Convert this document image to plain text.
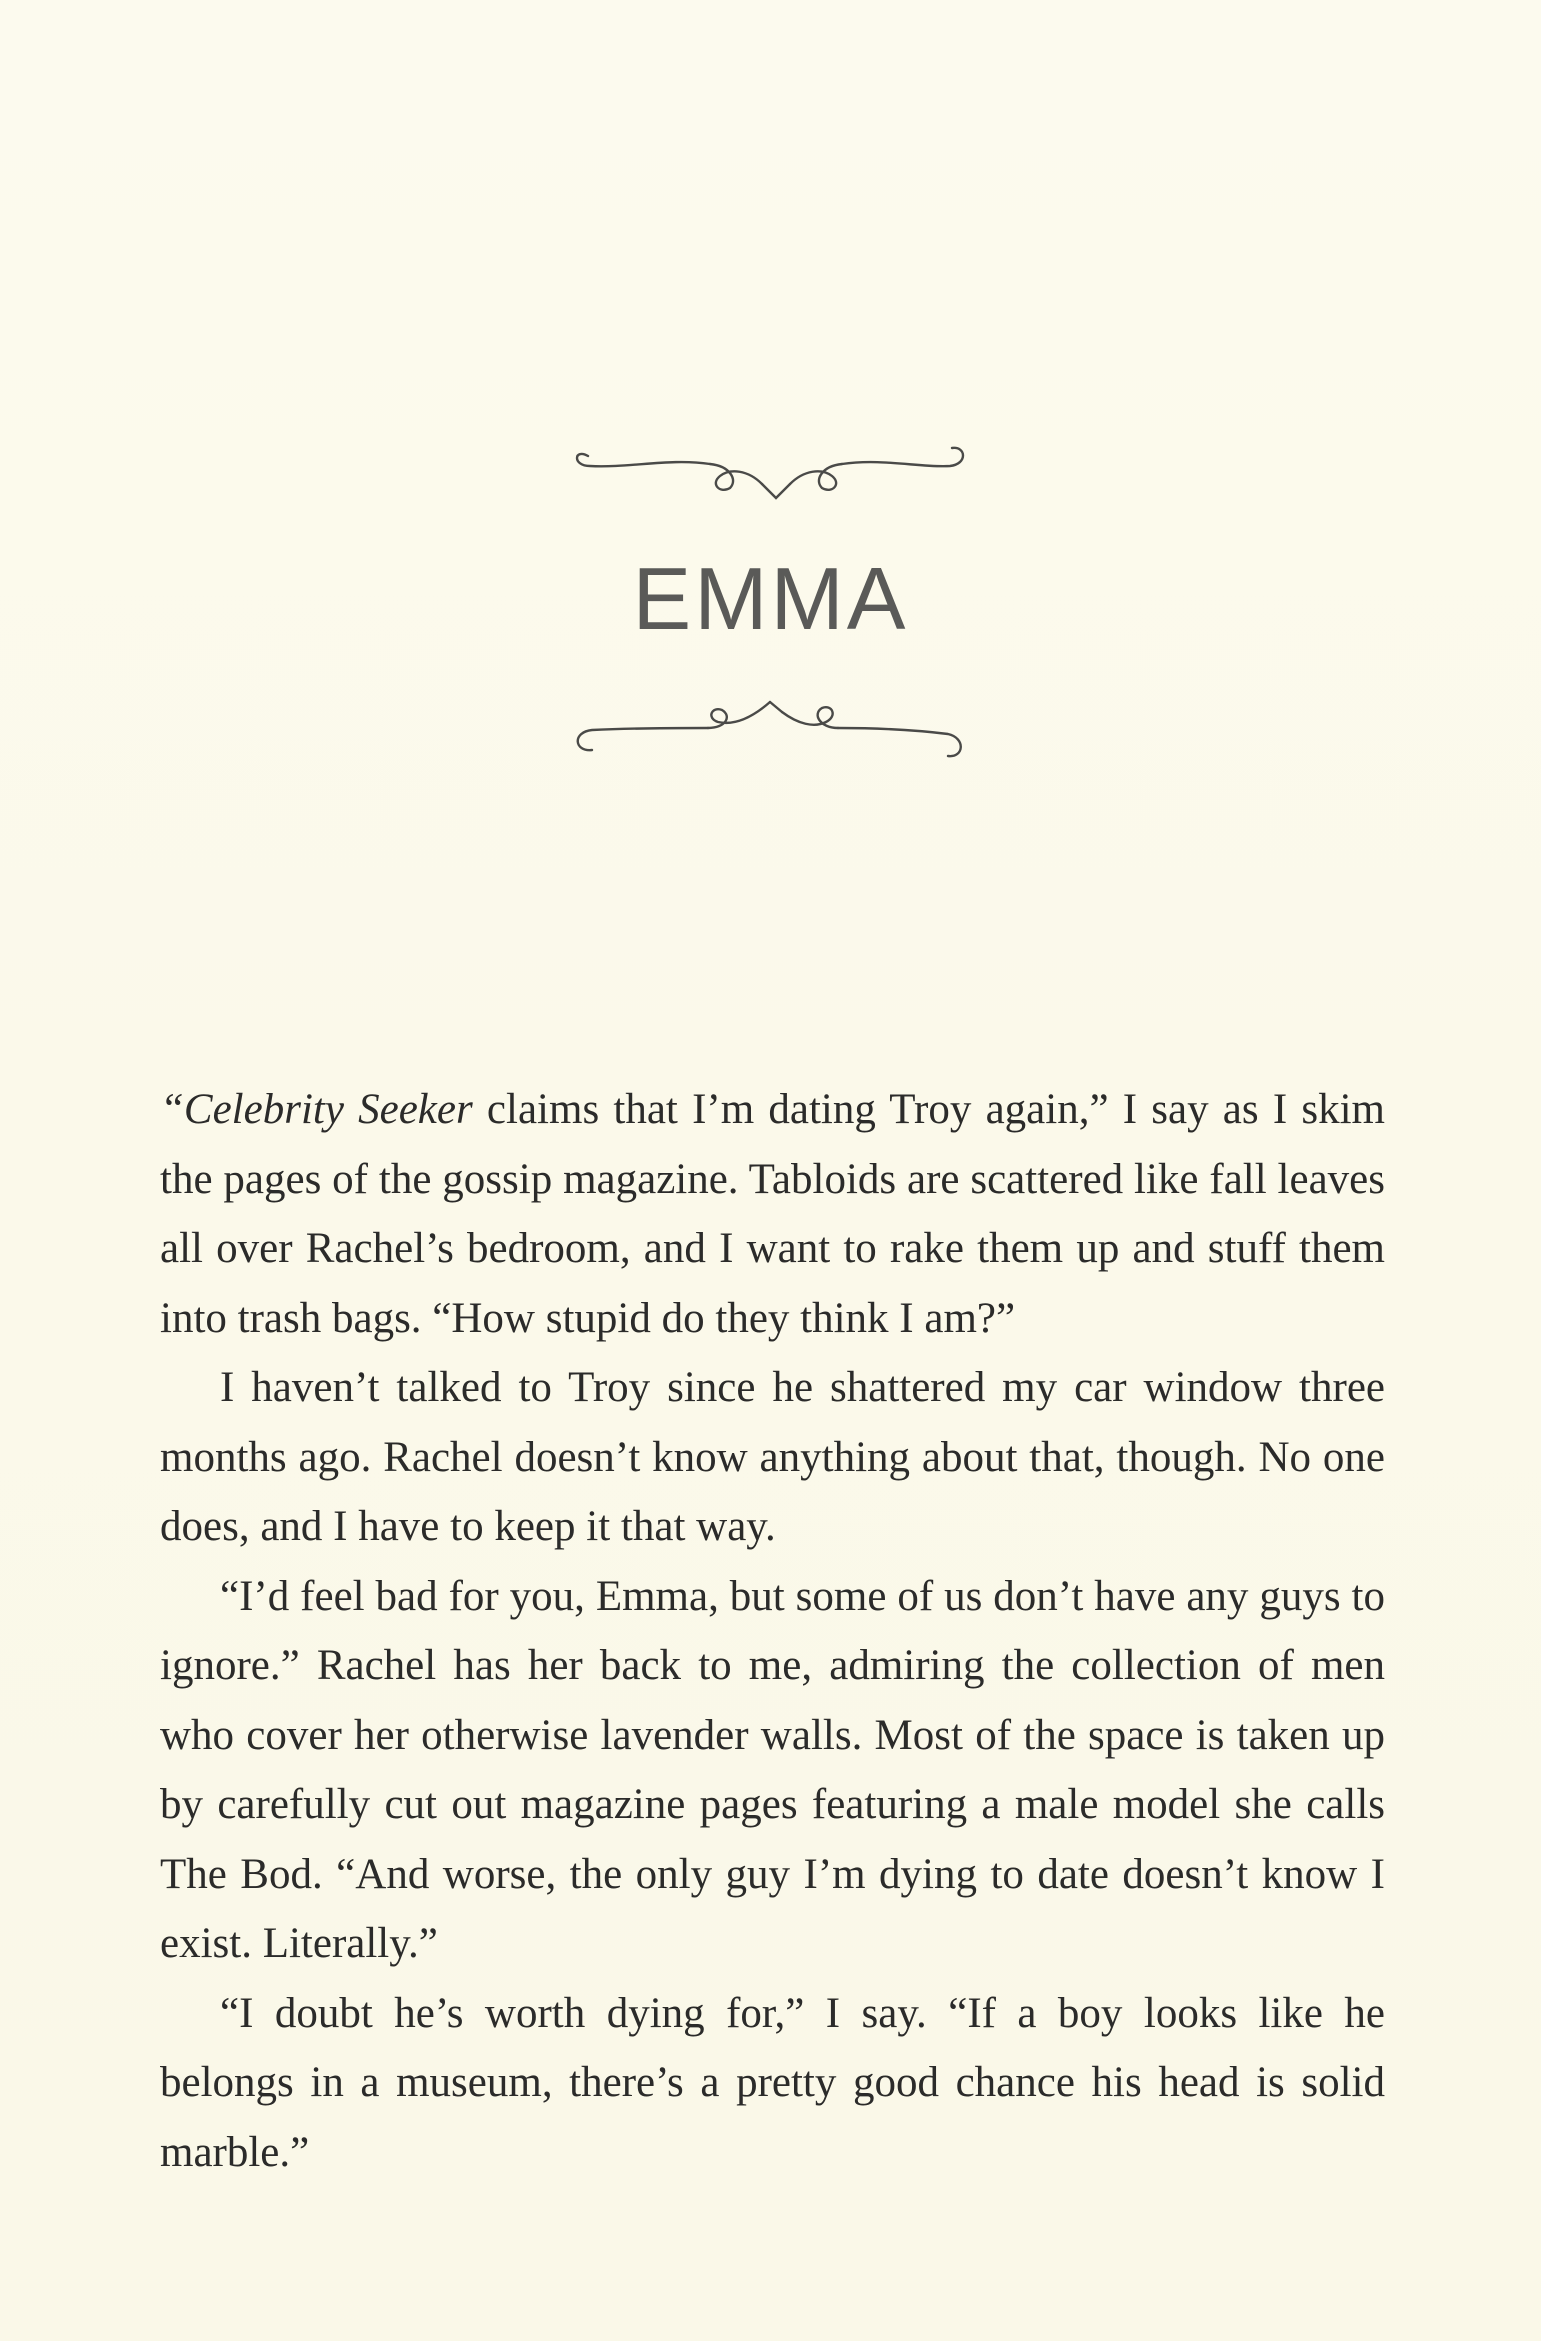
EMMA

“Celebrity Seeker claims that I’m dating Troy again,” I say as I skim the pages of the gossip magazine. Tabloids are scattered like fall leaves all over Rachel’s bedroom, and I want to rake them up and stuff them into trash bags. “How stupid do they think I am?”

I haven’t talked to Troy since he shattered my car window three months ago. Rachel doesn’t know anything about that, though. No one does, and I have to keep it that way.

“I’d feel bad for you, Emma, but some of us don’t have any guys to ignore.” Rachel has her back to me, admiring the collection of men who cover her otherwise lavender walls. Most of the space is taken up by carefully cut out magazine pages featuring a male model she calls The Bod. “And worse, the only guy I’m dying to date doesn’t know I exist. Literally.”

“I doubt he’s worth dying for,” I say. “If a boy looks like he belongs in a museum, there’s a pretty good chance his head is solid marble.”
